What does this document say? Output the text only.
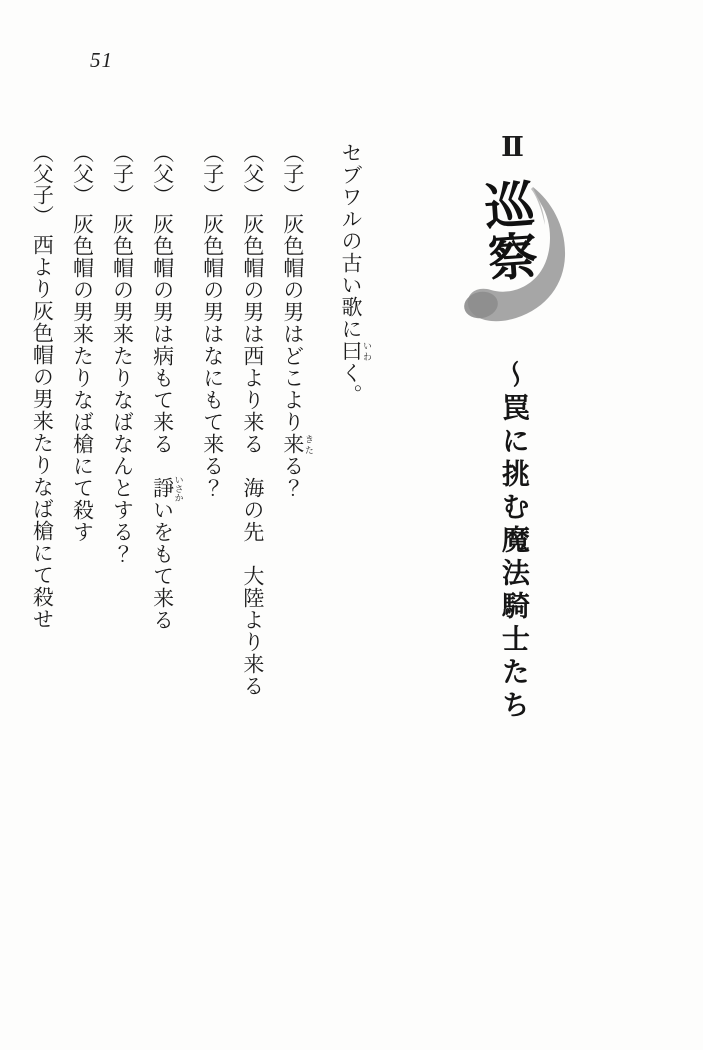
51
Ⅱ
巡察
～罠に挑む魔法騎士たち
セブワルの古い歌に曰 いわく。
（子）灰色帽の男はどこより来 きたる？
（父）灰色帽の男は西より来る　海の先　大陸より来る
（子）灰色帽の男はなにもて来る？
（父）灰色帽の男は病もて来る　諍 いさかいをもて来る
（子）灰色帽の男来たりなばなんとする？
（父）灰色帽の男来たりなば槍にて殺す
（父子）西より灰色帽の男来たりなば槍にて殺せ
